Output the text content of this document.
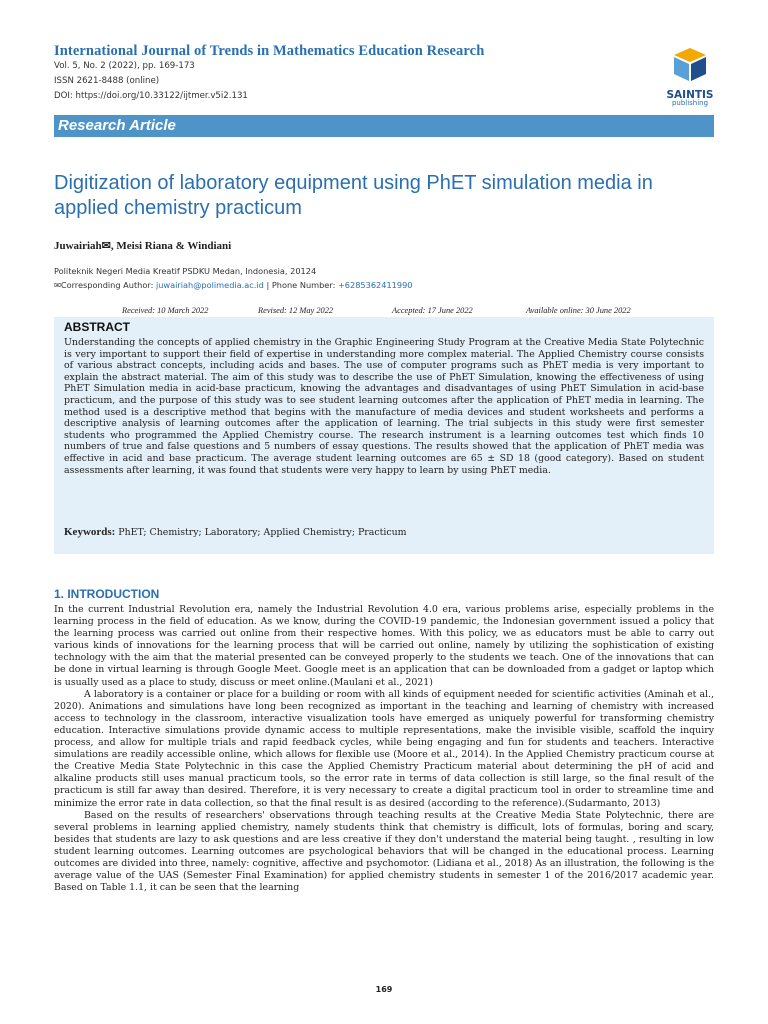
International Journal of Trends in Mathematics Education Research
Vol. 5, No. 2 (2022), pp. 169-173
ISSN 2621-8488 (online)
DOI: https://doi.org/10.33122/ijtmer.v5i2.131	SAINTIS
publishing
Research Article
Digitization of laboratory equipment using PhET simulation media in applied chemistry practicum
Juwairiah✉, Meisi Riana & Windiani
Politeknik Negeri Media Kreatif PSDKU Medan, Indonesia, 20124
✉Corresponding Author: juwairiah@polimedia.ac.id | Phone Number: +6285362411990
Received: 10 March 2022	Revised: 12 May 2022	Accepted: 17 June 2022	Available online: 30 June 2022
ABSTRACT

Understanding the concepts of applied chemistry in the Graphic Engineering Study Program at the Creative Media State Polytechnic is very important to support their field of expertise in understanding more complex material. The Applied Chemistry course consists of various abstract concepts, including acids and bases. The use of computer programs such as PhET media is very important to explain the abstract material. The aim of this study was to describe the use of PhET Simulation, knowing the effectiveness of using PhET Simulation media in acid-base practicum, knowing the advantages and disadvantages of using PhET Simulation in acid-base practicum, and the purpose of this study was to see student learning outcomes after the application of PhET media in learning. The method used is a descriptive method that begins with the manufacture of media devices and student worksheets and performs a descriptive analysis of learning outcomes after the application of learning. The trial subjects in this study were first semester students who programmed the Applied Chemistry course. The research instrument is a learning outcomes test which finds 10 numbers of true and false questions and 5 numbers of essay questions. The results showed that the application of PhET media was effective in acid and base practicum. The average student learning outcomes are 65 ± SD 18 (good category). Based on student assessments after learning, it was found that students were very happy to learn by using PhET media.

Keywords: PhET; Chemistry; Laboratory; Applied Chemistry; Practicum
1. INTRODUCTION

In the current Industrial Revolution era, namely the Industrial Revolution 4.0 era, various problems arise, especially problems in the learning process in the field of education. As we know, during the COVID-19 pandemic, the Indonesian government issued a policy that the learning process was carried out online from their respective homes. With this policy, we as educators must be able to carry out various kinds of innovations for the learning process that will be carried out online, namely by utilizing the sophistication of existing technology with the aim that the material presented can be conveyed properly to the students we teach. One of the innovations that can be done in virtual learning is through Google Meet. Google meet is an application that can be downloaded from a gadget or laptop which is usually used as a place to study, discuss or meet online.(Maulani et al., 2021)

A laboratory is a container or place for a building or room with all kinds of equipment needed for scientific activities (Aminah et al., 2020). Animations and simulations have long been recognized as important in the teaching and learning of chemistry with increased access to technology in the classroom, interactive visualization tools have emerged as uniquely powerful for transforming chemistry education. Interactive simulations provide dynamic access to multiple representations, make the invisible visible, scaffold the inquiry process, and allow for multiple trials and rapid feedback cycles, while being engaging and fun for students and teachers. Interactive simulations are readily accessible online, which allows for flexible use (Moore et al., 2014). In the Applied Chemistry practicum course at the Creative Media State Polytechnic in this case the Applied Chemistry Practicum material about determining the pH of acid and alkaline products still uses manual practicum tools, so the error rate in terms of data collection is still large, so the final result of the practicum is still far away than desired. Therefore, it is very necessary to create a digital practicum tool in order to streamline time and minimize the error rate in data collection, so that the final result is as desired (according to the reference).(Sudarmanto, 2013)

Based on the results of researchers' observations through teaching results at the Creative Media State Polytechnic, there are several problems in learning applied chemistry, namely students think that chemistry is difficult, lots of formulas, boring and scary, besides that students are lazy to ask questions and are less creative if they don't understand the material being taught. , resulting in low student learning outcomes. Learning outcomes are psychological behaviors that will be changed in the educational process. Learning outcomes are divided into three, namely: cognitive, affective and psychomotor. (Lidiana et al., 2018) As an illustration, the following is the average value of the UAS (Semester Final Examination) for applied chemistry students in semester 1 of the 2016/2017 academic year. Based on Table 1.1, it can be seen that the learning

169
